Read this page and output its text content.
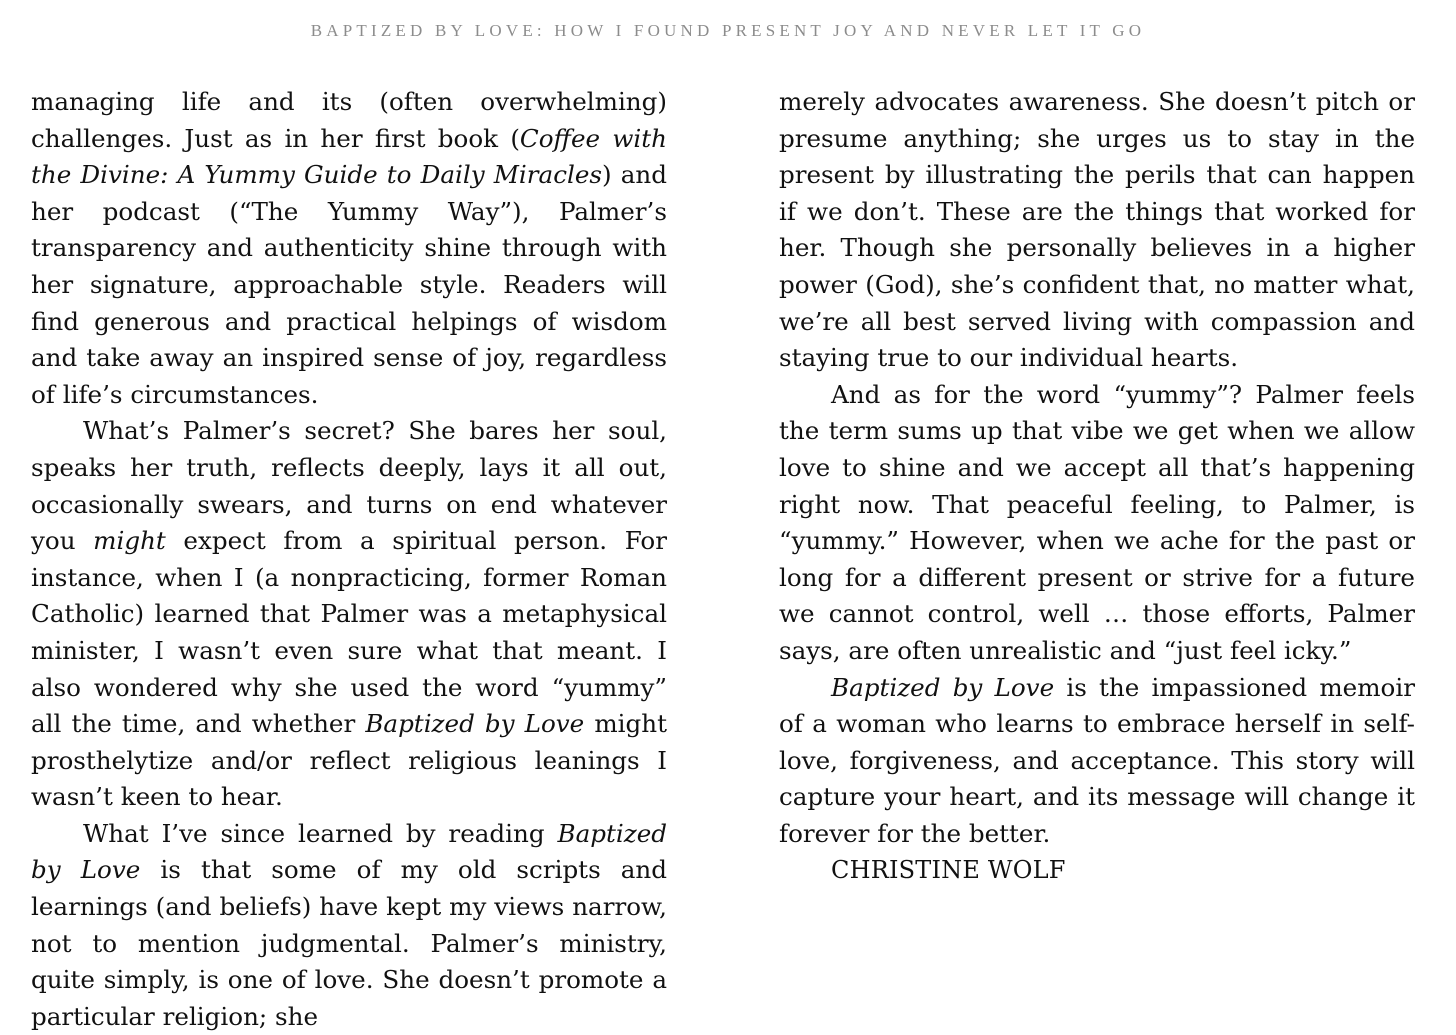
BAPTIZED BY LOVE: HOW I FOUND PRESENT JOY AND NEVER LET IT GO

managing life and its (often overwhelming) challenges. Just as in her first book (Coffee with the Divine: A Yummy Guide to Daily Miracles) and her podcast (“The Yummy Way”), Palmer’s transparency and authenticity shine through with her signature, approachable style. Readers will find generous and practical helpings of wisdom and take away an inspired sense of joy, regardless of life’s circumstances.

What’s Palmer’s secret? She bares her soul, speaks her truth, reflects deeply, lays it all out, occasionally swears, and turns on end whatever you might expect from a spiritual person. For instance, when I (a nonpracticing, former Roman Catholic) learned that Palmer was a metaphysical minister, I wasn’t even sure what that meant. I also wondered why she used the word “yummy” all the time, and whether Baptized by Love might prosthelytize and/or reflect religious leanings I wasn’t keen to hear.

What I’ve since learned by reading Baptized by Love is that some of my old scripts and learnings (and beliefs) have kept my views narrow, not to mention judgmental. Palmer’s ministry, quite simply, is one of love. She doesn’t promote a particular religion; she

merely advocates awareness. She doesn’t pitch or presume anything; she urges us to stay in the present by illustrating the perils that can happen if we don’t. These are the things that worked for her. Though she personally believes in a higher power (God), she’s confident that, no matter what, we’re all best served living with compassion and staying true to our individual hearts.

And as for the word “yummy”? Palmer feels the term sums up that vibe we get when we allow love to shine and we accept all that’s happening right now. That peaceful feeling, to Palmer, is “yummy.” However, when we ache for the past or long for a different present or strive for a future we cannot control, well … those efforts, Palmer says, are often unrealistic and “just feel icky.”

Baptized by Love is the impassioned memoir of a woman who learns to embrace herself in self-love, forgiveness, and acceptance. This story will capture your heart, and its message will change it forever for the better.

CHRISTINE WOLF
